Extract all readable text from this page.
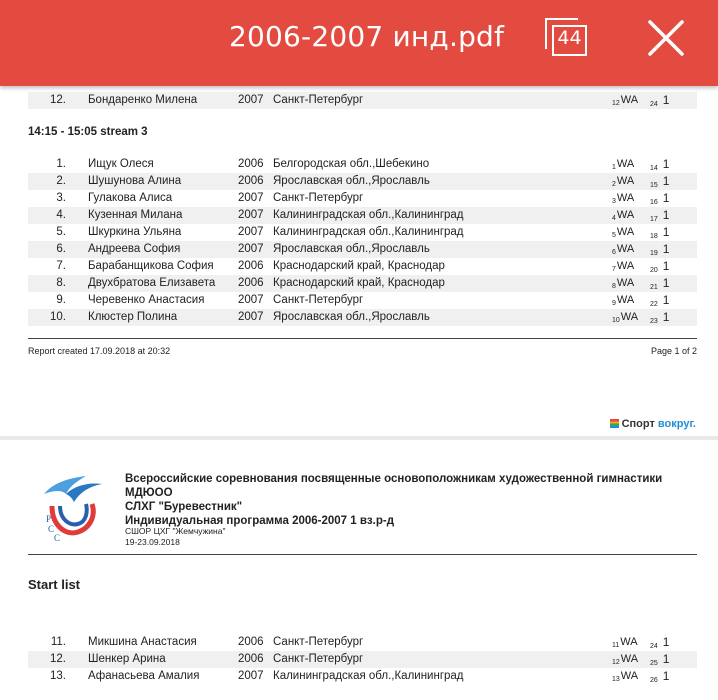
12. Бондаренко Милена	2007 Санкт-Петербург	$_{12}$WA $_{24}$ 1
14:15 - 15:05 stream 3
1. Ищук Олеся	2006 Белгородская обл.,Шебекино	$_1$WA $_{14}$ 1
2. Шушунова Алина	2006 Ярославская обл.,Ярославль	$_2$WA $_{15}$ 1
3. Гулакова Алиса	2007 Санкт-Петербург	$_3$WA $_{16}$ 1
4. Кузенная Милана	2007 Калининградская обл.,Калининград	$_4$WA $_{17}$ 1
5. Шкуркина Ульяна	2007 Калининградская обл.,Калининград	$_5$WA $_{18}$ 1
6. Андреева София	2007 Ярославская обл.,Ярославль	$_6$WA $_{19}$ 1
7. Барабанщикова София 2006 Краснодарский край, Краснодар	$_7$WA $_{20}$ 1
8. Двухбратова Елизавета 2006 Краснодарский край, Краснодар	$_8$WA $_{21}$ 1
9. Черевенко Анастасия	2007 Санкт-Петербург	$_9$WA $_{22}$ 1
10. Клюстер Полина	2007 Ярославская обл.,Ярославль	$_{10}$WA $_{23}$ 1
Report created 17.09.2018 at 20:32	Page 1 of 2
Спорт вокруг.
Р
С
С
Всероссийские соревнования посвященные основоположникам художественной гимнастики МДЮОО
СЛХГ "Буревестник"
Индивидуальная программа 2006-2007 1 вз.р-д
СШОР ЦХГ "Жемчужина"
19-23.09.2018
Start list
11. Микшина Анастасия	2006 Санкт-Петербург	$_{11}$WA $_{24}$ 1
12. Шенкер Арина	2006 Санкт-Петербург	$_{12}$WA $_{25}$ 1
13. Афанасьева Амалия	2007 Калининградская обл.,Калининград	$_{13}$WA $_{26}$ 1
2006-2007 инд.pdf	44
